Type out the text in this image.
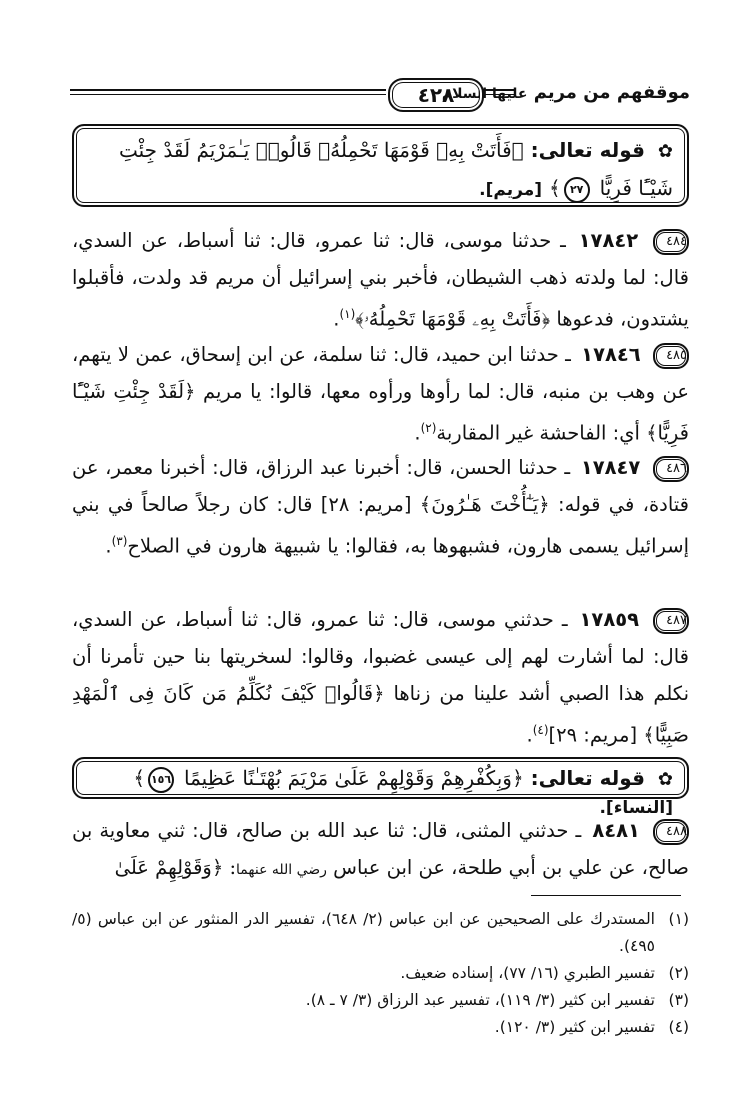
موقفهم من مريم عليها السلام
٤٢٨
✿ قوله تعالى: ﴿فَأَتَتْ بِهِۦ قَوْمَهَا تَحْمِلُهُۥ قَالُوا۟ يَـٰمَرْيَمُ لَقَدْ جِئْتِ شَيْـًٔا فَرِيًّا ٢٧﴾ [مريم].
٤٨٤ ١٧٨٤٢ ـ حدثنا موسى، قال: ثنا عمرو، قال: ثنا أسباط، عن السدي، قال: لما ولدته ذهب الشيطان، فأخبر بني إسرائيل أن مريم قد ولدت، فأقبلوا يشتدون، فدعوها ﴿فَأَتَتْ بِهِۦ قَوْمَهَا تَحْمِلُهُۥ﴾$^{(١)}$.
٤٨٥ ١٧٨٤٦ ـ حدثنا ابن حميد، قال: ثنا سلمة، عن ابن إسحاق، عمن لا يتهم، عن وهب بن منبه، قال: لما رأوها ورأوه معها، قالوا: يا مريم ﴿لَقَدْ جِئْتِ شَيْـًٔا فَرِيًّا﴾ أي: الفاحشة غير المقاربة$^{(٢)}$.
٤٨٦ ١٧٨٤٧ ـ حدثنا الحسن، قال: أخبرنا عبد الرزاق، قال: أخبرنا معمر، عن قتادة، في قوله: ﴿يَـٰٓأُخْتَ هَـٰرُونَ﴾ [مريم: ٢٨] قال: كان رجلاً صالحاً في بني إسرائيل يسمى هارون، فشبهوها به، فقالوا: يا شبيهة هارون في الصلاح$^{(٣)}$.
٤٨٧ ١٧٨٥٩ ـ حدثني موسى، قال: ثنا عمرو، قال: ثنا أسباط، عن السدي، قال: لما أشارت لهم إلى عيسى غضبوا، وقالوا: لسخريتها بنا حين تأمرنا أن نكلم هذا الصبي أشد علينا من زناها ﴿قَالُوا۟ كَيْفَ نُكَلِّمُ مَن كَانَ فِى ٱلْمَهْدِ صَبِيًّا﴾ [مريم: ٢٩]$^{(٤)}$.
✿ قوله تعالى: ﴿وَبِكُفْرِهِمْ وَقَوْلِهِمْ عَلَىٰ مَرْيَمَ بُهْتَـٰنًا عَظِيمًا ١٥٦﴾ [النساء].
٤٨٨ ٨٤٨١ ـ حدثني المثنى، قال: ثنا عبد الله بن صالح، قال: ثني معاوية بن صالح، عن علي بن أبي طلحة، عن ابن عباس رضي الله عنهما: ﴿وَقَوْلِهِمْ عَلَىٰ
(١)
المستدرك على الصحيحين عن ابن عباس (٢/ ٦٤٨)، تفسير الدر المنثور عن ابن عباس (٥/ ٤٩٥).
(٢)
تفسير الطبري (١٦/ ٧٧)، إسناده ضعيف.
(٣)
تفسير ابن كثير (٣/ ١١٩)، تفسير عبد الرزاق (٣/ ٧ ـ ٨).
(٤)
تفسير ابن كثير (٣/ ١٢٠).
